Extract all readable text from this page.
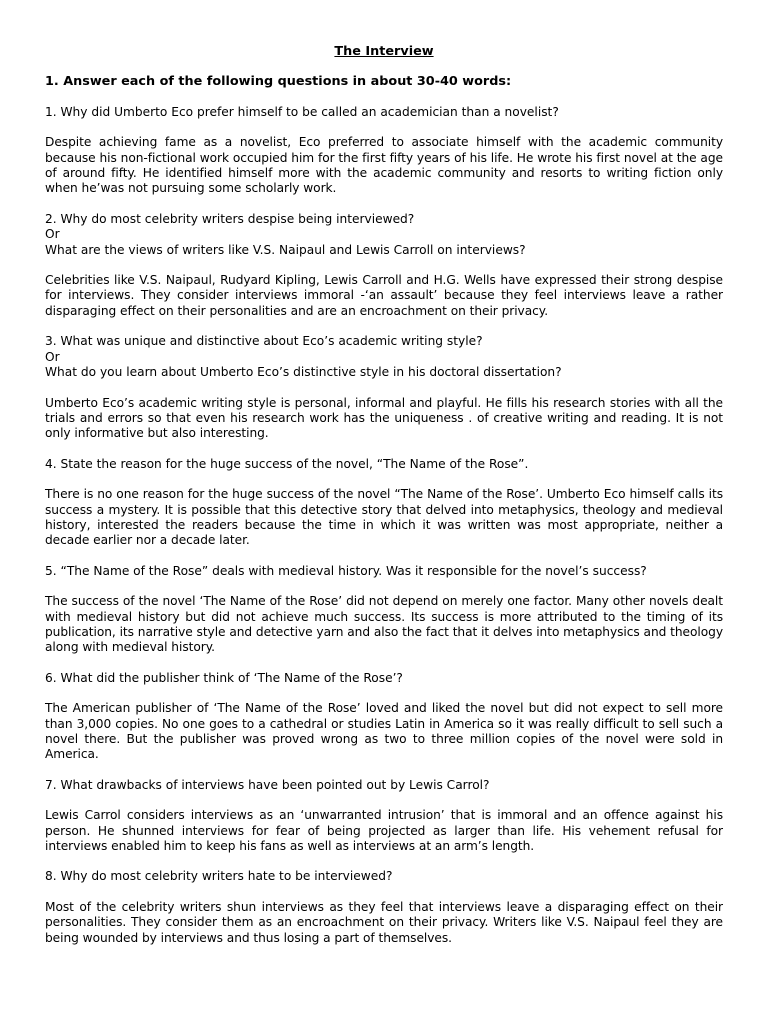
The Interview
1. Answer each of the following questions in about 30-40 words:
1. Why did Umberto Eco prefer himself to be called an academician than a novelist?
Despite achieving fame as a novelist, Eco preferred to associate himself with the academic community because his non-fictional work occupied him for the first fifty years of his life. He wrote his first novel at the age of around fifty. He identified himself more with the academic community and resorts to writing fiction only when he’was not pursuing some scholarly work.
2. Why do most celebrity writers despise being interviewed?
Or
What are the views of writers like V.S. Naipaul and Lewis Carroll on interviews?
Celebrities like V.S. Naipaul, Rudyard Kipling, Lewis Carroll and H.G. Wells have expressed their strong despise for interviews. They consider interviews immoral -‘an assault’ because they feel interviews leave a rather disparaging effect on their personalities and are an encroachment on their privacy.
3. What was unique and distinctive about Eco’s academic writing style?
Or
What do you learn about Umberto Eco’s distinctive style in his doctoral dissertation?
Umberto Eco’s academic writing style is personal, informal and playful. He fills his research stories with all the trials and errors so that even his research work has the uniqueness . of creative writing and reading. It is not only informative but also interesting.
4. State the reason for the huge success of the novel, “The Name of the Rose”.
There is no one reason for the huge success of the novel “The Name of the Rose’. Umberto Eco himself calls its success a mystery. It is possible that this detective story that delved into metaphysics, theology and medieval history, interested the readers because the time in which it was written was most appropriate, neither a decade earlier nor a decade later.
5. “The Name of the Rose” deals with medieval history. Was it responsible for the novel’s success?
The success of the novel ‘The Name of the Rose’ did not depend on merely one factor. Many other novels dealt with medieval history but did not achieve much success. Its success is more attributed to the timing of its publication, its narrative style and detective yarn and also the fact that it delves into metaphysics and theology along with medieval history.
6. What did the publisher think of ‘The Name of the Rose’?
The American publisher of ‘The Name of the Rose’ loved and liked the novel but did not expect to sell more than 3,000 copies. No one goes to a cathedral or studies Latin in America so it was really difficult to sell such a novel there. But the publisher was proved wrong as two to three million copies of the novel were sold in America.
7. What drawbacks of interviews have been pointed out by Lewis Carrol?
Lewis Carrol considers interviews as an ‘unwarranted intrusion’ that is immoral and an offence against his person. He shunned interviews for fear of being projected as larger than life. His vehement refusal for interviews enabled him to keep his fans as well as interviews at an arm’s length.
8. Why do most celebrity writers hate to be interviewed?
Most of the celebrity writers shun interviews as they feel that interviews leave a disparaging effect on their personalities. They consider them as an encroachment on their privacy. Writers like V.S. Naipaul feel they are being wounded by interviews and thus losing a part of themselves.
